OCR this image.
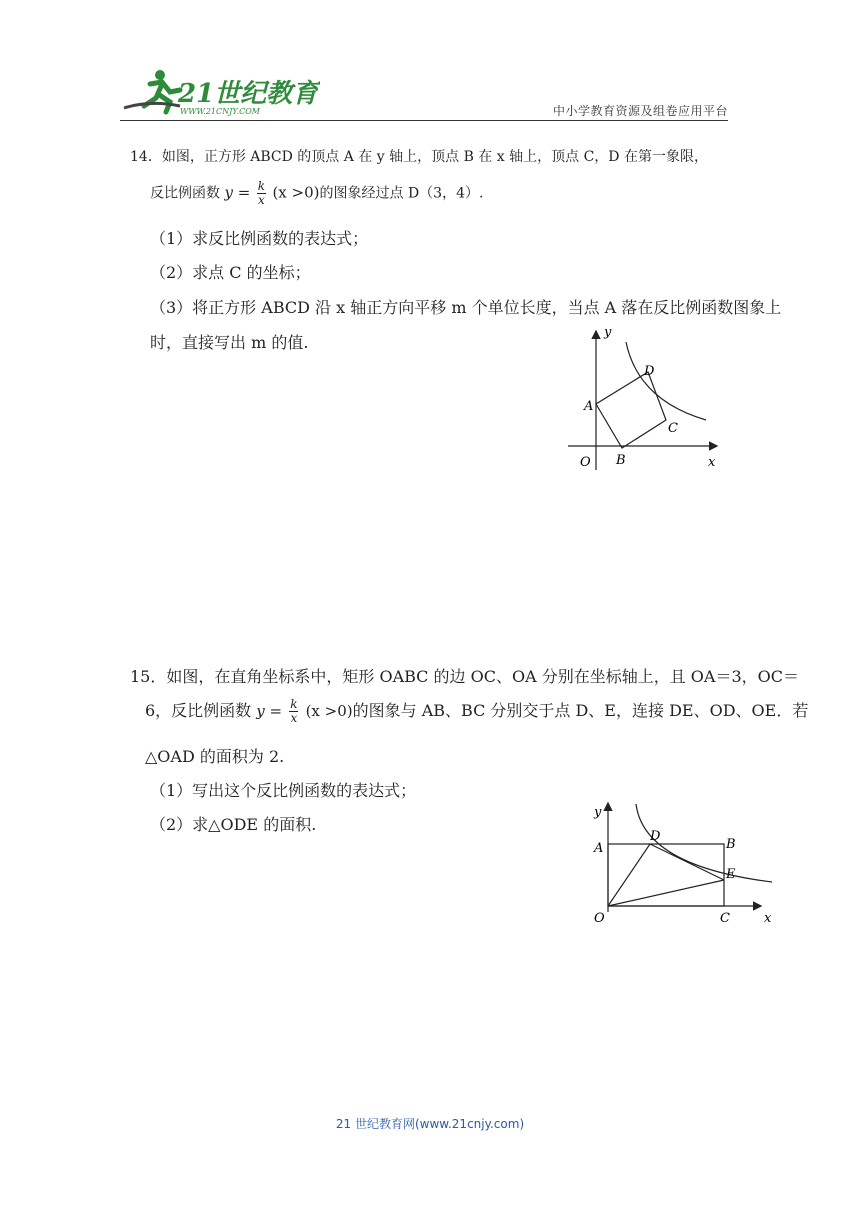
21世纪教育
WWW.21CNJY.COM	中小学教育资源及组卷应用平台
14．如图，正方形 ABCD 的顶点 A 在 y 轴上，顶点 B 在 x 轴上，顶点 C，D 在第一象限，
反比例函数 $y = \frac{k}{x} (x >0)$的图象经过点 D（3，4）.
（1）求反比例函数的表达式；
（2）求点 C 的坐标；
（3）将正方形 ABCD 沿 x 轴正方向平移 m 个单位长度，当点 A 落在反比例函数图象上
时，直接写出 m 的值.
y
x
O
A
B
C
D
15．如图，在直角坐标系中，矩形 OABC 的边 OC、OA 分别在坐标轴上，且 OA＝3，OC＝
6，反比例函数 $y = \frac{k}{x} (x >0)$的图象与 AB、BC 分别交于点 D、E，连接 DE、OD、OE．若
△OAD 的面积为 2.
（1）写出这个反比例函数的表达式；
（2）求△ODE 的面积.
y
x
O
A	B
C
D
E
21 世纪教育网(www.21cnjy.com)
